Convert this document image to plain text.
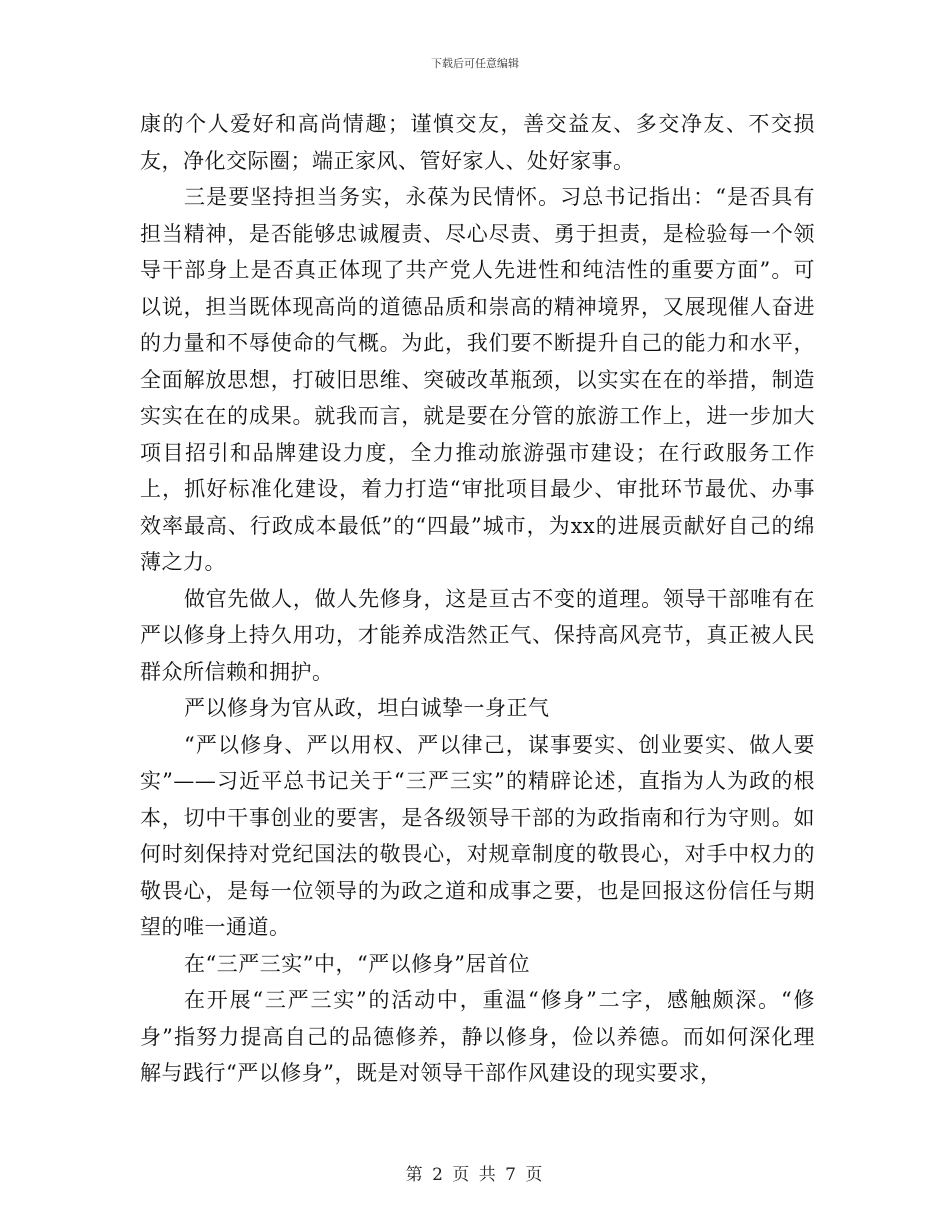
下载后可任意编辑

康的个人爱好和高尚情趣；谨慎交友，善交益友、多交净友、不交损友，净化交际圈；端正家风、管好家人、处好家事。

三是要坚持担当务实，永葆为民情怀。习总书记指出：“是否具有担当精神，是否能够忠诚履责、尽心尽责、勇于担责，是检验每一个领导干部身上是否真正体现了共产党人先进性和纯洁性的重要方面”。可以说，担当既体现高尚的道德品质和崇高的精神境界，又展现催人奋进的力量和不辱使命的气概。为此，我们要不断提升自己的能力和水平，全面解放思想，打破旧思维、突破改革瓶颈，以实实在在的举措，制造实实在在的成果。就我而言，就是要在分管的旅游工作上，进一步加大项目招引和品牌建设力度，全力推动旅游强市建设；在行政服务工作上，抓好标准化建设，着力打造“审批项目最少、审批环节最优、办事效率最高、行政成本最低”的“四最”城市，为xx的进展贡献好自己的绵薄之力。

做官先做人，做人先修身，这是亘古不变的道理。领导干部唯有在严以修身上持久用功，才能养成浩然正气、保持高风亮节，真正被人民群众所信赖和拥护。

严以修身为官从政，坦白诚挚一身正气

“严以修身、严以用权、严以律己，谋事要实、创业要实、做人要实”——习近平总书记关于“三严三实”的精辟论述，直指为人为政的根本，切中干事创业的要害，是各级领导干部的为政指南和行为守则。如何时刻保持对党纪国法的敬畏心，对规章制度的敬畏心，对手中权力的敬畏心，是每一位领导的为政之道和成事之要，也是回报这份信任与期望的唯一通道。

在“三严三实”中，“严以修身”居首位

在开展“三严三实”的活动中，重温“修身”二字，感触颇深。“修身”指努力提高自己的品德修养，静以修身，俭以养德。而如何深化理解与践行“严以修身”，既是对领导干部作风建设的现实要求，

第 2 页 共 7 页
